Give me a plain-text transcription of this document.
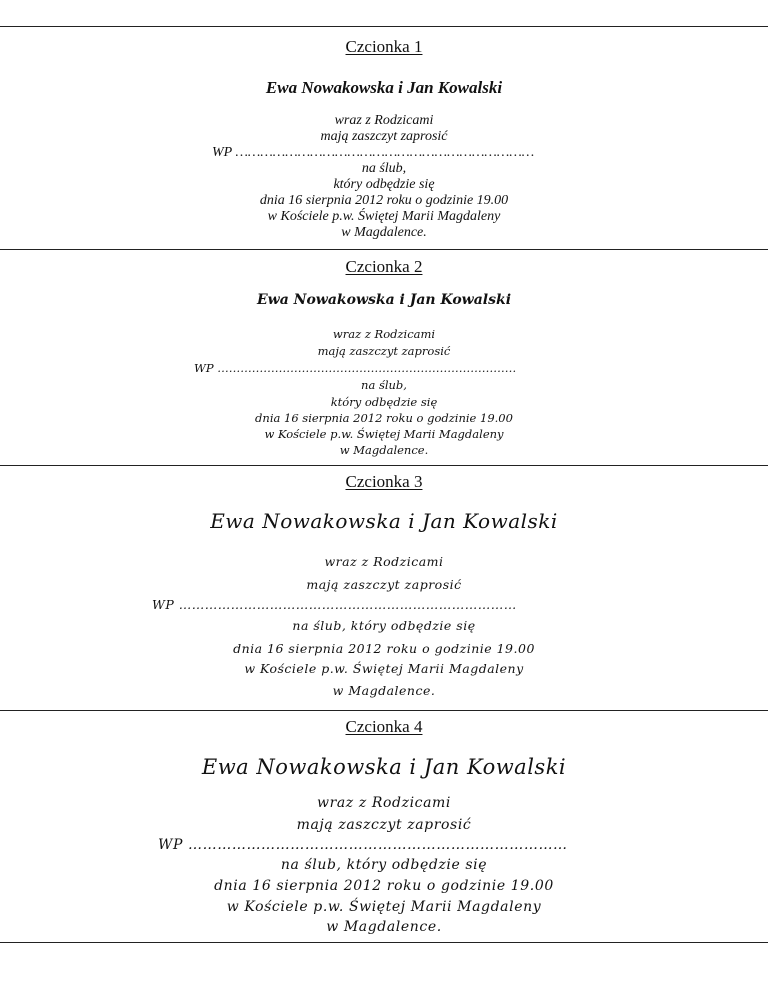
Czcionka 1
Ewa Nowakowska i Jan Kowalski
wraz z Rodzicami
mają zaszczyt zaprosić
WP ………………………………………………………………
na ślub,
który odbędzie się
dnia 16 sierpnia 2012 roku o godzinie 19.00
w Kościele p.w. Świętej Marii Magdaleny
w Magdalence.
Czcionka 2
Ewa Nowakowska i Jan Kowalski
wraz z Rodzicami
mają zaszczyt zaprosić
WP ……………………………………………………………………
na ślub,
który odbędzie się
dnia 16 sierpnia 2012 roku o godzinie 19.00
w Kościele p.w. Świętej Marii Magdaleny
w Magdalence.
Czcionka 3
Ewa Nowakowska i Jan Kowalski
wraz z Rodzicami
mają zaszczyt zaprosić
WP ……………………………………………………………………
na ślub, który odbędzie się
dnia 16 sierpnia 2012 roku o godzinie 19.00
w Kościele p.w. Świętej Marii Magdaleny
w Magdalence.
Czcionka 4
Ewa Nowakowska i Jan Kowalski
wraz z Rodzicami
mają zaszczyt zaprosić
WP ……………………………………………………………………
na ślub, który odbędzie się
dnia 16 sierpnia 2012 roku o godzinie 19.00
w Kościele p.w. Świętej Marii Magdaleny
w Magdalence.
